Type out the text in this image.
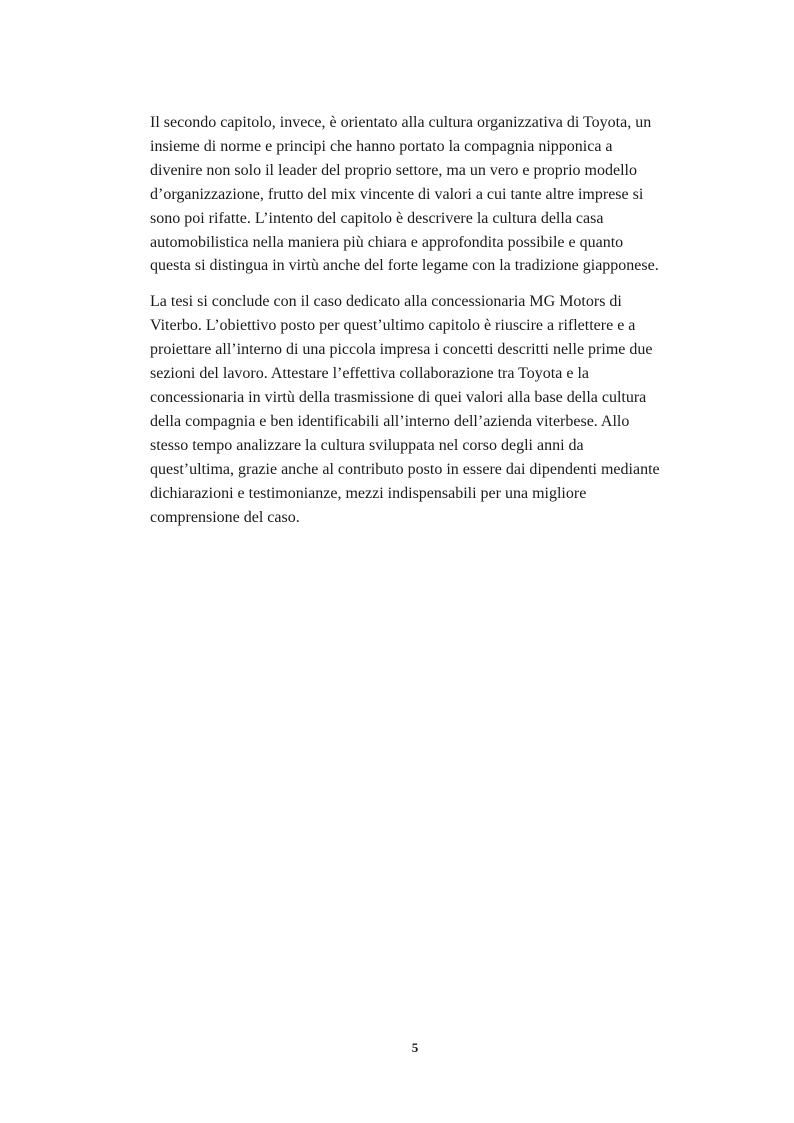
Il secondo capitolo, invece, è orientato alla cultura organizzativa di Toyota, un insieme di norme e principi che hanno portato la compagnia nipponica a divenire non solo il leader del proprio settore, ma un vero e proprio modello d’organizzazione, frutto del mix vincente di valori a cui tante altre imprese si sono poi rifatte. L’intento del capitolo è descrivere la cultura della casa automobilistica nella maniera più chiara e approfondita possibile e quanto questa si distingua in virtù anche del forte legame con la tradizione giapponese.

La tesi si conclude con il caso dedicato alla concessionaria MG Motors di Viterbo. L’obiettivo posto per quest’ultimo capitolo è riuscire a riflettere e a proiettare all’interno di una piccola impresa i concetti descritti nelle prime due sezioni del lavoro. Attestare l’effettiva collaborazione tra Toyota e la concessionaria in virtù della trasmissione di quei valori alla base della cultura della compagnia e ben identificabili all’interno dell’azienda viterbese. Allo stesso tempo analizzare la cultura sviluppata nel corso degli anni da quest’ultima, grazie anche al contributo posto in essere dai dipendenti mediante dichiarazioni e testimonianze, mezzi indispensabili per una migliore comprensione del caso.

5
